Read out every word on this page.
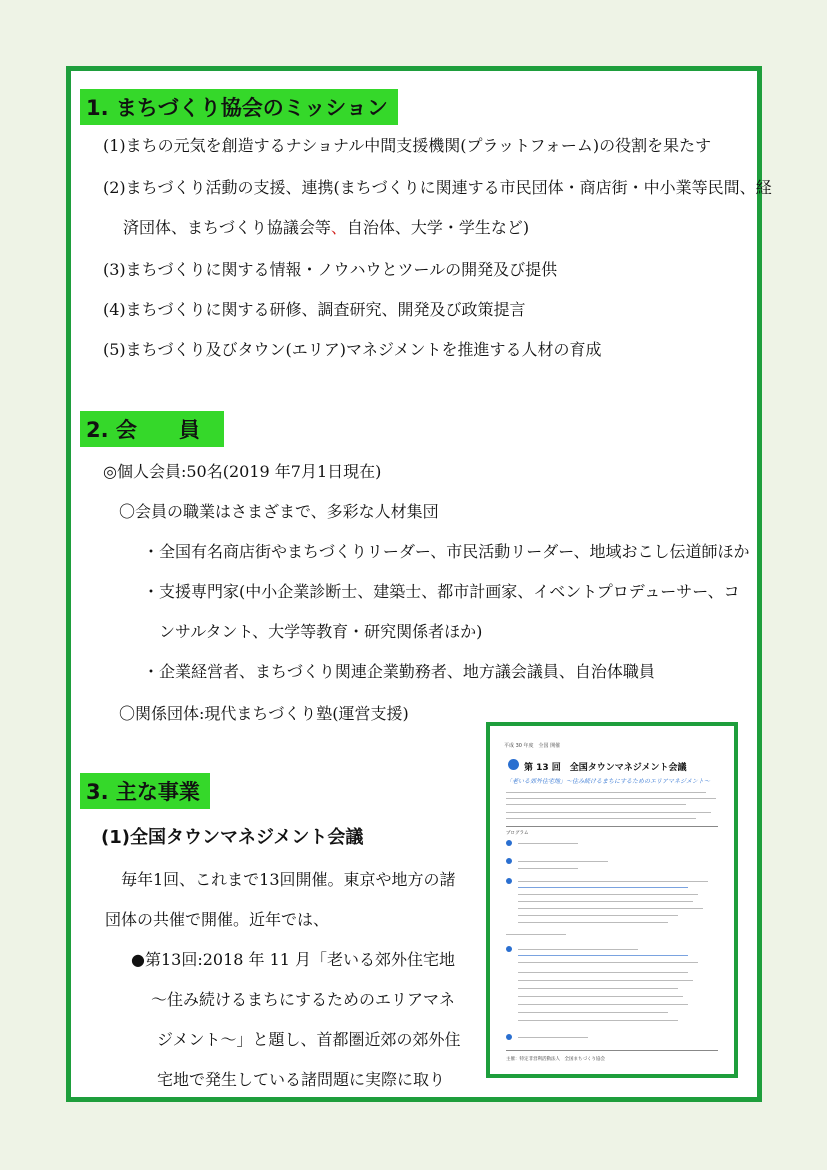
1. まちづくり協会のミッション
(1)まちの元気を創造するナショナル中間支援機関(プラットフォーム)の役割を果たす
(2)まちづくり活動の支援、連携(まちづくりに関連する市民団体・商店街・中小業等民間、経
済団体、まちづくり協議会等、自治体、大学・学生など)
(3)まちづくりに関する情報・ノウハウとツールの開発及び提供
(4)まちづくりに関する研修、調査研究、開発及び政策提言
(5)まちづくり及びタウン(エリア)マネジメントを推進する人材の育成
2. 会　　員
◎個人会員:50名(2019 年7月1日現在)
〇会員の職業はさまざまで、多彩な人材集団
・全国有名商店街やまちづくりリーダー、市民活動リーダー、地域おこし伝道師ほか
・支援専門家(中小企業診断士、建築士、都市計画家、イベントプロデューサー、コ
ンサルタント、大学等教育・研究関係者ほか)
・企業経営者、まちづくり関連企業勤務者、地方議会議員、自治体職員
〇関係団体:現代まちづくり塾(運営支援)
3. 主な事業
(1)全国タウンマネジメント会議
毎年1回、これまで13回開催。東京や地方の諸
団体の共催で開催。近年では、
●第13回:2018 年 11 月「老いる郊外住宅地
～住み続けるまちにするためのエリアマネ
ジメント～」と題し、首都圏近郊の郊外住
宅地で発生している諸問題に実際に取り
平成 30 年度　全国 開催
第 13 回　全国タウンマネジメント会議
「老いる郊外住宅地」～住み続けるまちにするためのエリアマネジメント～
プログラム
主催：特定非営利活動法人　全国まちづくり協会
